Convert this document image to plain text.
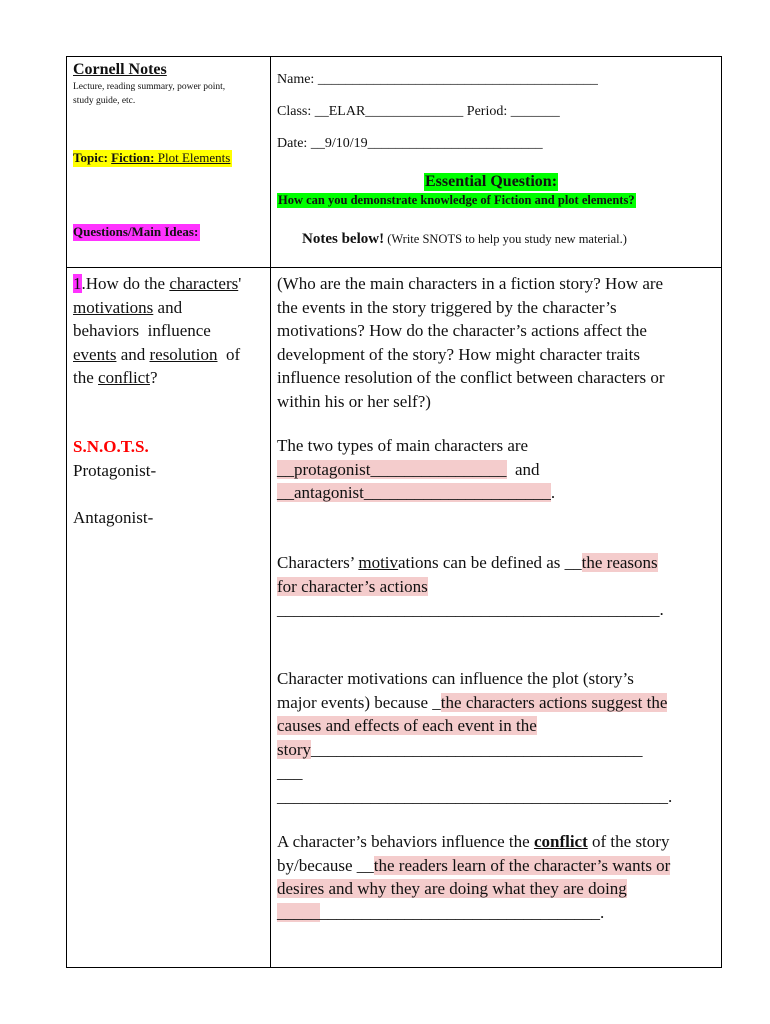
Cornell Notes
Lecture, reading summary, power point,
study guide, etc.
Topic: Fiction: Plot Elements
Questions/Main Ideas:
Name: ________________________________________
Class: __ELAR______________ Period: _______
Date: __9/10/19_________________________
Essential Question:
How can you demonstrate knowledge of Fiction and plot elements?
Notes below! (Write SNOTS to help you study new material.)
1.How do the characters'
motivations and
behaviors  influence
events and resolution  of
the conflict?
S.N.O.T.S.
Protagonist-
Antagonist-
(Who are the main characters in a fiction story? How are
the events in the story triggered by the character’s
motivations? How do the character’s actions affect the
development of the story? How might character traits
influence resolution of the conflict between characters or
within his or her self?)
The two types of main characters are
__protagonist________________  and
__antagonist______________________.
Characters’ motivations can be defined as __the reasons
for character’s actions
_____________________________________________.
Character motivations can influence the plot (story’s
major events) because _the characters actions suggest the
causes and effects of each event in the
story_______________________________________
___
______________________________________________.
A character’s behaviors influence the conflict of the story
by/because __the readers learn of the character’s wants or
desires and why they are doing what they are doing
______________________________________.
